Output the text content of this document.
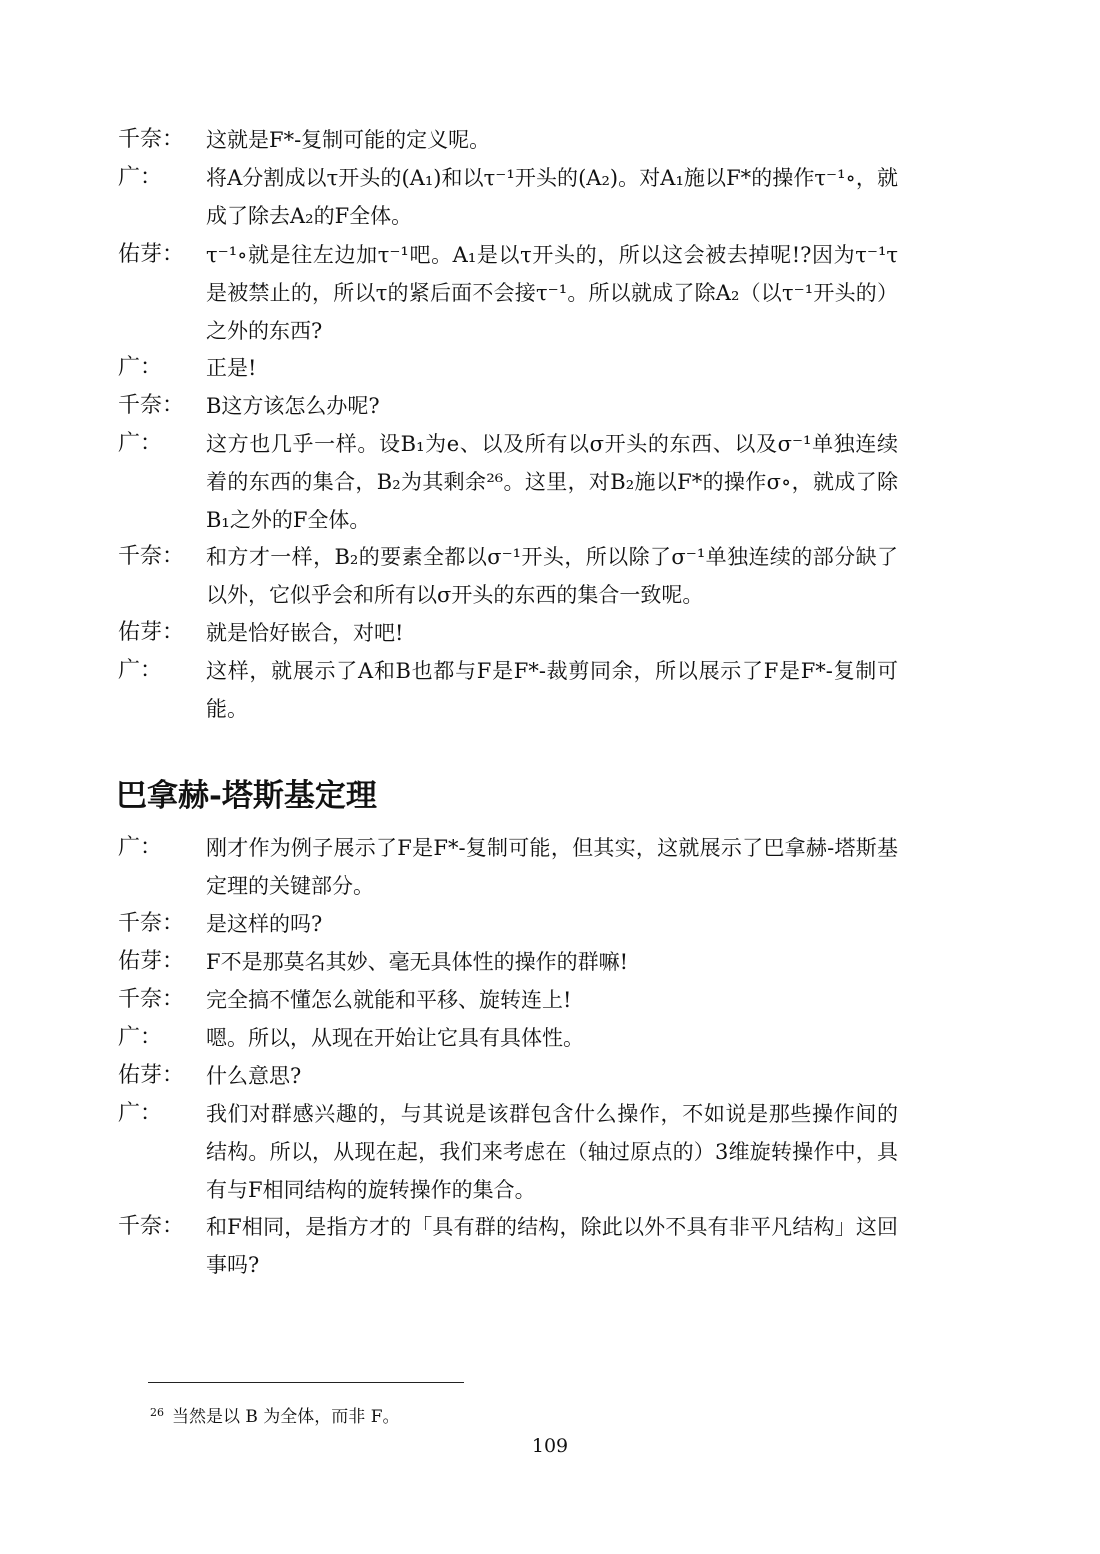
千奈： 这就是F*-复制可能的定义呢。
广： 将A分割成以τ开头的(A₁)和以τ⁻¹开头的(A₂)。对A₁施以F*的操作τ⁻¹∘，就成了除去A₂的F全体。
佑芽： τ⁻¹∘就是往左边加τ⁻¹吧。A₁是以τ开头的，所以这会被去掉呢!?因为τ⁻¹τ是被禁止的，所以τ的紧后面不会接τ⁻¹。所以就成了除A₂（以τ⁻¹开头的）之外的东西?
广： 正是!
千奈： B这方该怎么办呢?
广： 这方也几乎一样。设B₁为e、以及所有以σ开头的东西、以及σ⁻¹单独连续着的东西的集合，B₂为其剩余²⁶。这里，对B₂施以F*的操作σ∘，就成了除B₁之外的F全体。
千奈： 和方才一样，B₂的要素全都以σ⁻¹开头，所以除了σ⁻¹单独连续的部分缺了以外，它似乎会和所有以σ开头的东西的集合一致呢。
佑芽： 就是恰好嵌合，对吧!
广： 这样，就展示了A和B也都与F是F*-裁剪同余，所以展示了F是F*-复制可能。
巴拿赫-塔斯基定理
广： 刚才作为例子展示了F是F*-复制可能，但其实，这就展示了巴拿赫-塔斯基定理的关键部分。
千奈： 是这样的吗?
佑芽： F不是那莫名其妙、毫无具体性的操作的群嘛!
千奈： 完全搞不懂怎么就能和平移、旋转连上!
广： 嗯。所以，从现在开始让它具有具体性。
佑芽： 什么意思?
广： 我们对群感兴趣的，与其说是该群包含什么操作，不如说是那些操作间的结构。所以，从现在起，我们来考虑在（轴过原点的）3维旋转操作中，具有与F相同结构的旋转操作的集合。
千奈： 和F相同，是指方才的「具有群的结构，除此以外不具有非平凡结构」这回事吗?
$^{26}$ 当然是以 B 为全体，而非 F。
109
